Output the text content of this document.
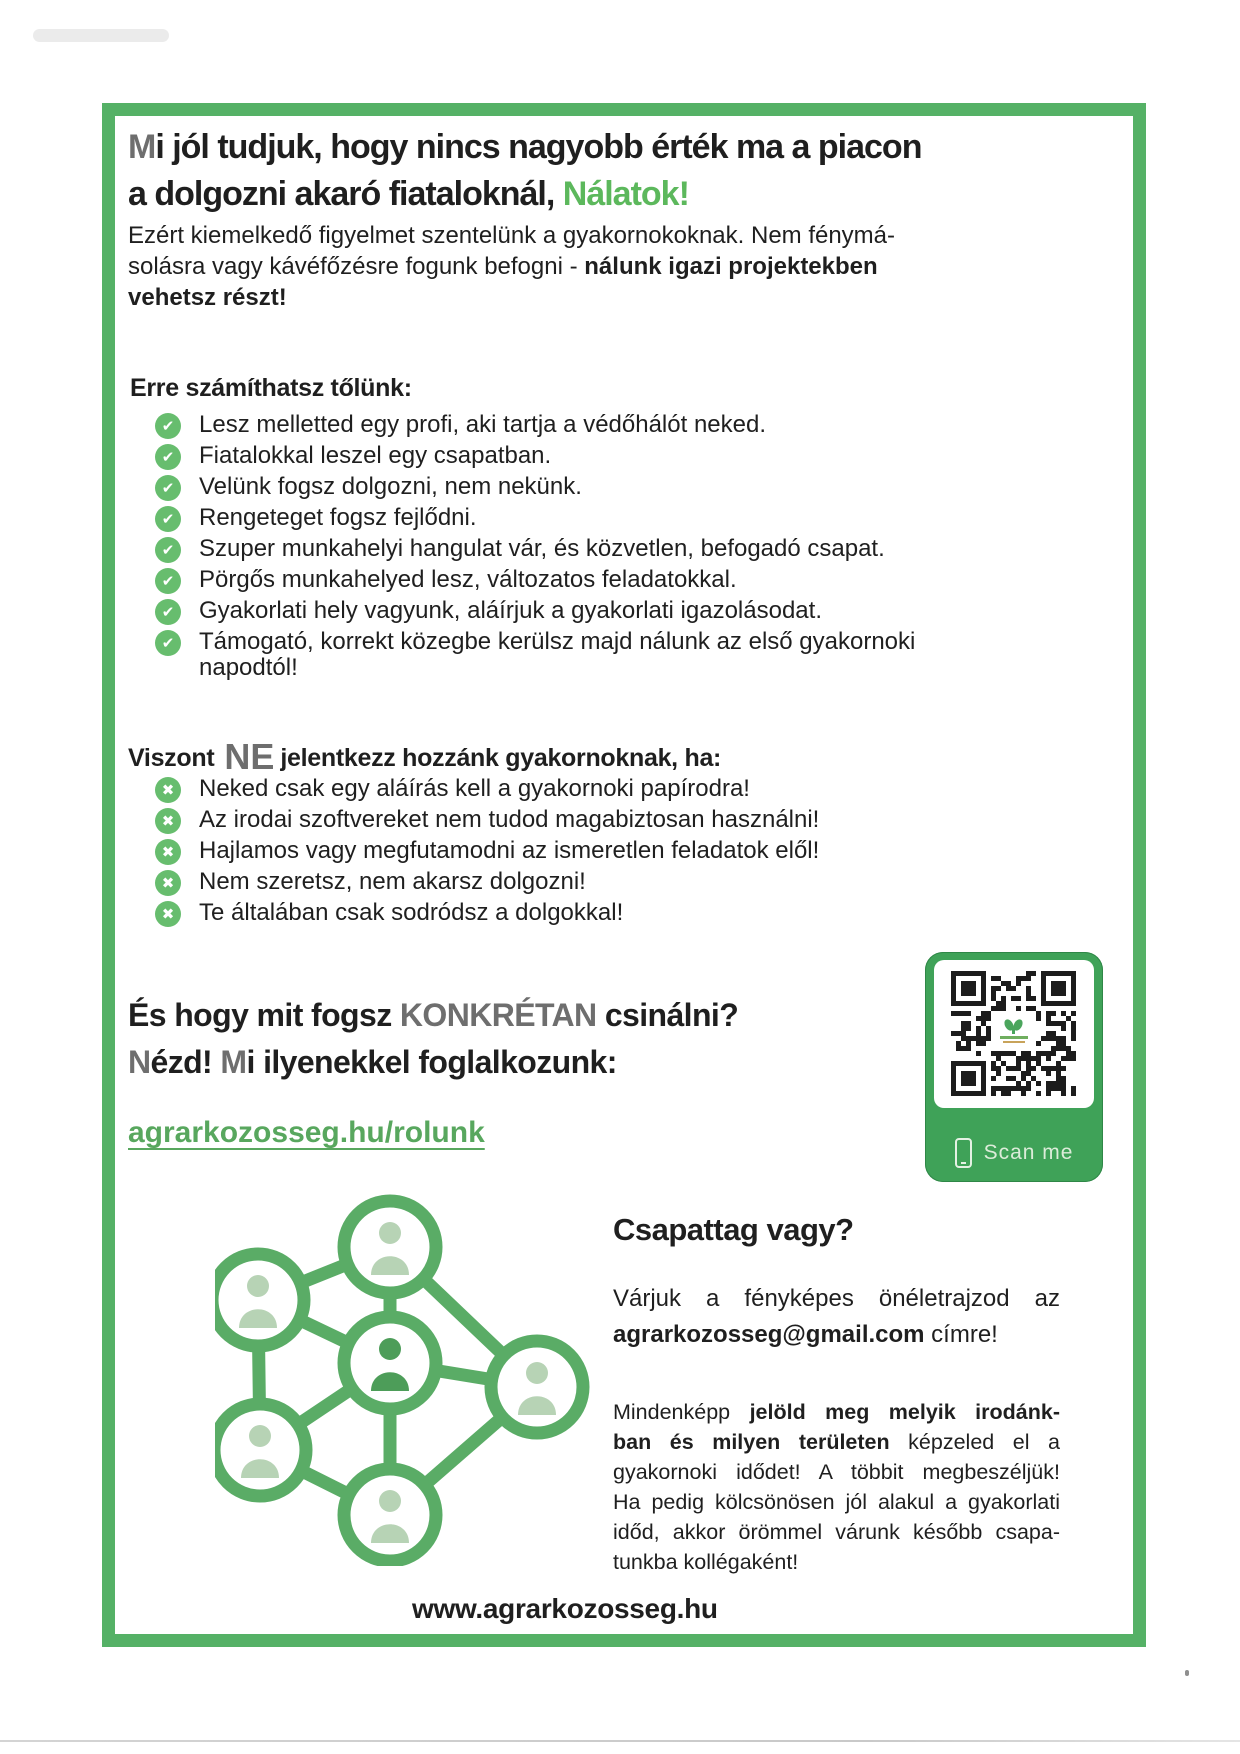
Mi jól tudjuk, hogy nincs nagyobb érték ma a piacon
a dolgozni akaró fiataloknál, Nálatok!
Ezért kiemelkedő figyelmet szentelünk a gyakornokoknak. Nem fénymá-
solásra vagy kávéfőzésre fogunk befogni - nálunk igazi projektekben
vehetsz részt!
Erre számíthatsz tőlünk:
✔ Lesz melletted egy profi, aki tartja a védőhálót neked.
✔ Fiatalokkal leszel egy csapatban.
✔ Velünk fogsz dolgozni, nem nekünk.
✔ Rengeteget fogsz fejlődni.
✔ Szuper munkahelyi hangulat vár, és közvetlen, befogadó csapat.
✔ Pörgős munkahelyed lesz, változatos feladatokkal.
✔ Gyakorlati hely vagyunk, aláírjuk a gyakorlati igazolásodat.
✔ Támogató, korrekt közegbe kerülsz majd nálunk az első gyakornoki napodtól!
Viszont NE jelentkezz hozzánk gyakornoknak, ha:
✖ Neked csak egy aláírás kell a gyakornoki papírodra!
✖ Az irodai szoftvereket nem tudod magabiztosan használni!
✖ Hajlamos vagy megfutamodni az ismeretlen feladatok elől!
✖ Nem szeretsz, nem akarsz dolgozni!
✖ Te általában csak sodródsz a dolgokkal!
És hogy mit fogsz KONKRÉTAN csinálni?
Nézd! Mi ilyenekkel foglalkozunk:
agrarkozosseg.hu/rolunk
Scan me
Csapattag vagy?
Várjuk a fényképes önéletrajzod az
agrarkozosseg@gmail.com címre!
Mindenképp jelöld meg melyik irodánk-
ban és milyen területen képzeled el a
gyakornoki idődet! A többit megbeszéljük!
Ha pedig kölcsönösen jól alakul a gyakorlati
időd, akkor örömmel várunk később csapa-
tunkba kollégaként!
www.agrarkozosseg.hu
